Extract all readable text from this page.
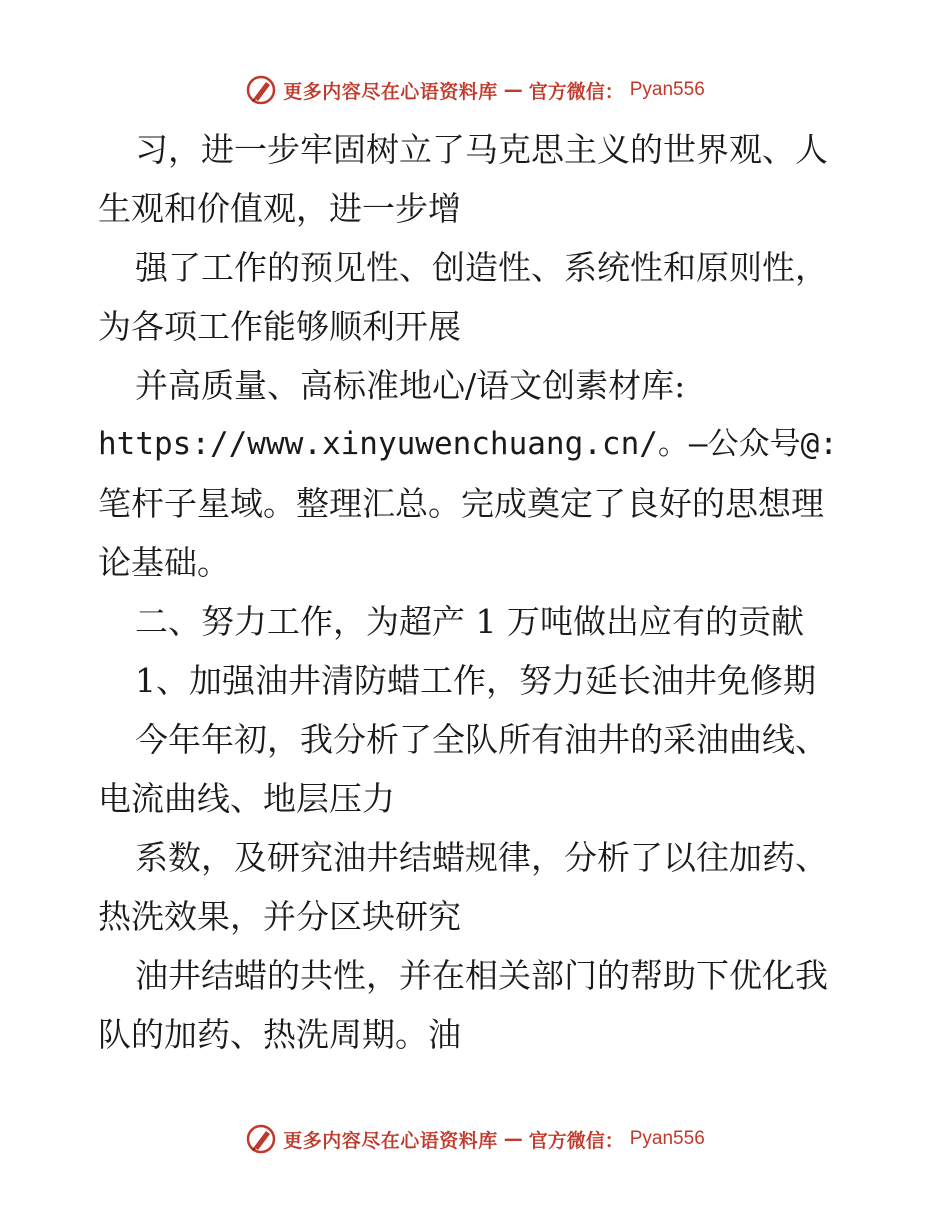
更多内容尽在心语资料库 — 官方微信： Pyan556

习，进一步牢固树立了马克思主义的世界观、人

生观和价值观，进一步增

强了工作的预见性、创造性、系统性和原则性，

为各项工作能够顺利开展

并高质量、高标准地心/语文创素材库:

https://www.xinyuwenchuang.cn/。—公众号@:

笔杆子星域。整理汇总。完成奠定了良好的思想理

论基础。

二、努力工作，为超产 1 万吨做出应有的贡献

1、加强油井清防蜡工作，努力延长油井免修期

今年年初，我分析了全队所有油井的采油曲线、

电流曲线、地层压力

系数，及研究油井结蜡规律，分析了以往加药、

热洗效果，并分区块研究

油井结蜡的共性，并在相关部门的帮助下优化我

队的加药、热洗周期。油

更多内容尽在心语资料库 — 官方微信： Pyan556
